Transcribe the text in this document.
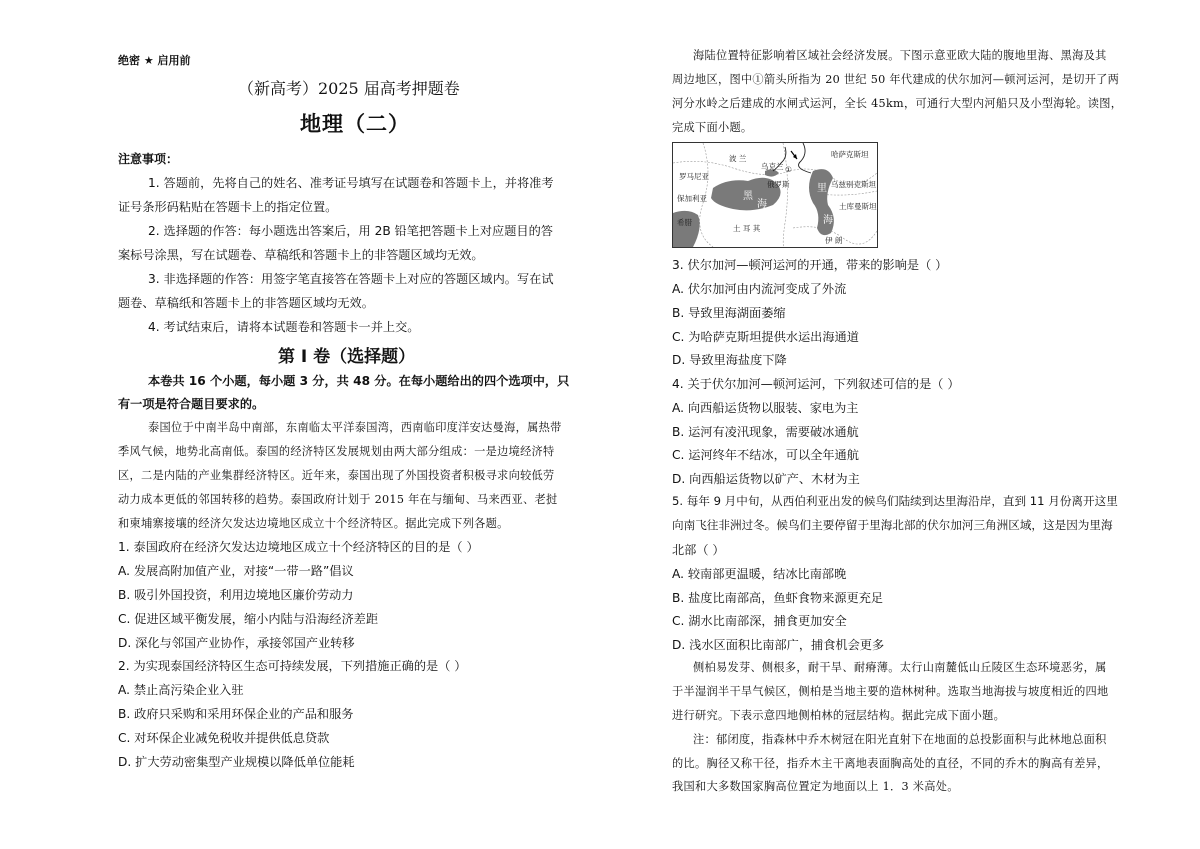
绝密 ★ 启用前
（新高考）2025 届高考押题卷
地理（二）
注意事项：
1. 答题前，先将自己的姓名、准考证号填写在试题卷和答题卡上，并将准考
证号条形码粘贴在答题卡上的指定位置。
2. 选择题的作答：每小题选出答案后，用 2B 铅笔把答题卡上对应题目的答
案标号涂黑，写在试题卷、草稿纸和答题卡上的非答题区域均无效。
3. 非选择题的作答：用签字笔直接答在答题卡上对应的答题区域内。写在试
题卷、草稿纸和答题卡上的非答题区域均无效。
4. 考试结束后，请将本试题卷和答题卡一并上交。
第 I 卷（选择题）
本卷共 16 个小题，每小题 3 分，共 48 分。在每小题给出的四个选项中，只
有一项是符合题目要求的。
泰国位于中南半岛中南部，东南临太平洋泰国湾，西南临印度洋安达曼海，属热带
季风气候，地势北高南低。泰国的经济特区发展规划由两大部分组成：一是边境经济特
区，二是内陆的产业集群经济特区。近年来，泰国出现了外国投资者积极寻求向较低劳
动力成本更低的邻国转移的趋势。泰国政府计划于 2015 年在与缅甸、马来西亚、老挝
和柬埔寨接壤的经济欠发达边境地区成立十个经济特区。据此完成下列各题。
1. 泰国政府在经济欠发达边境地区成立十个经济特区的目的是（ ）
A. 发展高附加值产业，对接“一带一路”倡议
B. 吸引外国投资，利用边境地区廉价劳动力
C. 促进区域平衡发展，缩小内陆与沿海经济差距
D. 深化与邻国产业协作，承接邻国产业转移
2. 为实现泰国经济特区生态可持续发展，下列措施正确的是（ ）
A. 禁止高污染企业入驻
B. 政府只采购和采用环保企业的产品和服务
C. 对环保企业减免税收并提供低息贷款
D. 扩大劳动密集型产业规模以降低单位能耗
海陆位置特征影响着区域社会经济发展。下图示意亚欧大陆的腹地里海、黑海及其
周边地区，图中①箭头所指为 20 世纪 50 年代建成的伏尔加河—顿河运河，是切开了两
河分水岭之后建成的水闸式运河，全长 45km，可通行大型内河船只及小型海轮。读图，
完成下面小题。
波 兰
罗马尼亚
保加利亚
希腊 地中海
黑
海
里
海
土 耳 其
伊 朗
乌克兰
俄罗斯
哈萨克斯坦
①
乌兹别克斯坦
土库曼斯坦
3. 伏尔加河—顿河运河的开通，带来的影响是（ ）
A. 伏尔加河由内流河变成了外流
B. 导致里海湖面萎缩
C. 为哈萨克斯坦提供水运出海通道
D. 导致里海盐度下降
4. 关于伏尔加河—顿河运河，下列叙述可信的是（ ）
A. 向西船运货物以服装、家电为主
B. 运河有凌汛现象，需要破冰通航
C. 运河终年不结冰，可以全年通航
D. 向西船运货物以矿产、木材为主
5. 每年 9 月中旬，从西伯利亚出发的候鸟们陆续到达里海沿岸，直到 11 月份离开这里
向南飞往非洲过冬。候鸟们主要停留于里海北部的伏尔加河三角洲区域，这是因为里海
北部（ ）
A. 较南部更温暖，结冰比南部晚
B. 盐度比南部高，鱼虾食物来源更充足
C. 湖水比南部深，捕食更加安全
D. 浅水区面积比南部广，捕食机会更多
侧柏易发芽、侧根多，耐干旱、耐瘠薄。太行山南麓低山丘陵区生态环境恶劣，属
于半湿润半干旱气候区，侧柏是当地主要的造林树种。选取当地海拔与坡度相近的四地
进行研究。下表示意四地侧柏林的冠层结构。据此完成下面小题。
注：郁闭度，指森林中乔木树冠在阳光直射下在地面的总投影面积与此林地总面积
的比。胸径又称干径，指乔木主干离地表面胸高处的直径，不同的乔木的胸高有差异，
我国和大多数国家胸高位置定为地面以上 1．3 米高处。
